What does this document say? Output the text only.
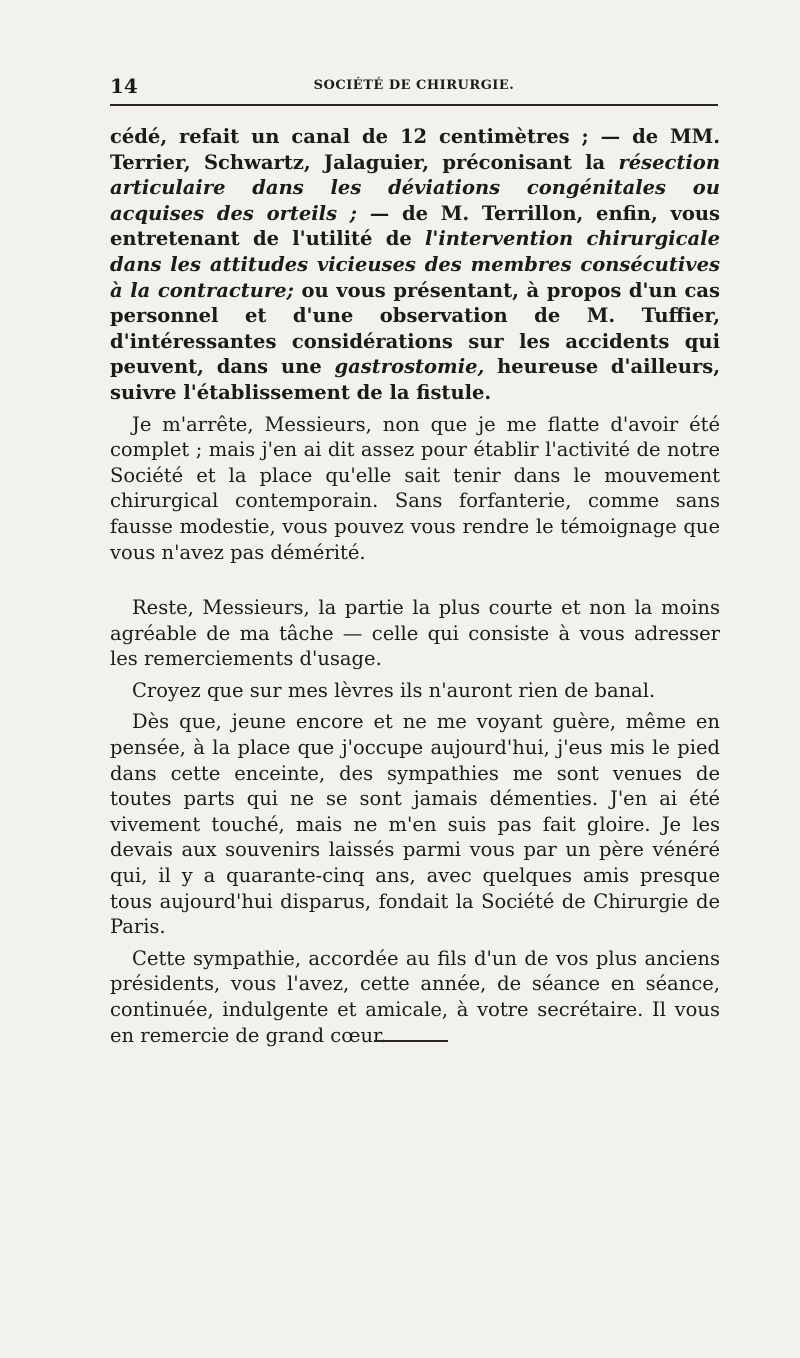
14	SOCIÉTÉ DE CHIRURGIE.

cédé, refait un canal de 12 centimètres ; — de MM. Terrier, Schwartz, Jalaguier, préconisant la résection articulaire dans les déviations congénitales ou acquises des orteils ; — de M. Terrillon, enfin, vous entretenant de l'utilité de l'intervention chirurgicale dans les attitudes vicieuses des membres consécutives à la contracture; ou vous présentant, à propos d'un cas personnel et d'une observation de M. Tuffier, d'intéressantes considérations sur les accidents qui peuvent, dans une gastrostomie, heureuse d'ailleurs, suivre l'établissement de la fistule.

Je m'arrête, Messieurs, non que je me flatte d'avoir été complet ; mais j'en ai dit assez pour établir l'activité de notre Société et la place qu'elle sait tenir dans le mouvement chirurgical contemporain. Sans forfanterie, comme sans fausse modestie, vous pouvez vous rendre le témoignage que vous n'avez pas démérité.

Reste, Messieurs, la partie la plus courte et non la moins agréable de ma tâche — celle qui consiste à vous adresser les remerciements d'usage.

Croyez que sur mes lèvres ils n'auront rien de banal.

Dès que, jeune encore et ne me voyant guère, même en pensée, à la place que j'occupe aujourd'hui, j'eus mis le pied dans cette enceinte, des sympathies me sont venues de toutes parts qui ne se sont jamais démenties. J'en ai été vivement touché, mais ne m'en suis pas fait gloire. Je les devais aux souvenirs laissés parmi vous par un père vénéré qui, il y a quarante-cinq ans, avec quelques amis presque tous aujourd'hui disparus, fondait la Société de Chirurgie de Paris.

Cette sympathie, accordée au fils d'un de vos plus anciens présidents, vous l'avez, cette année, de séance en séance, continuée, indulgente et amicale, à votre secrétaire. Il vous en remercie de grand cœur.
